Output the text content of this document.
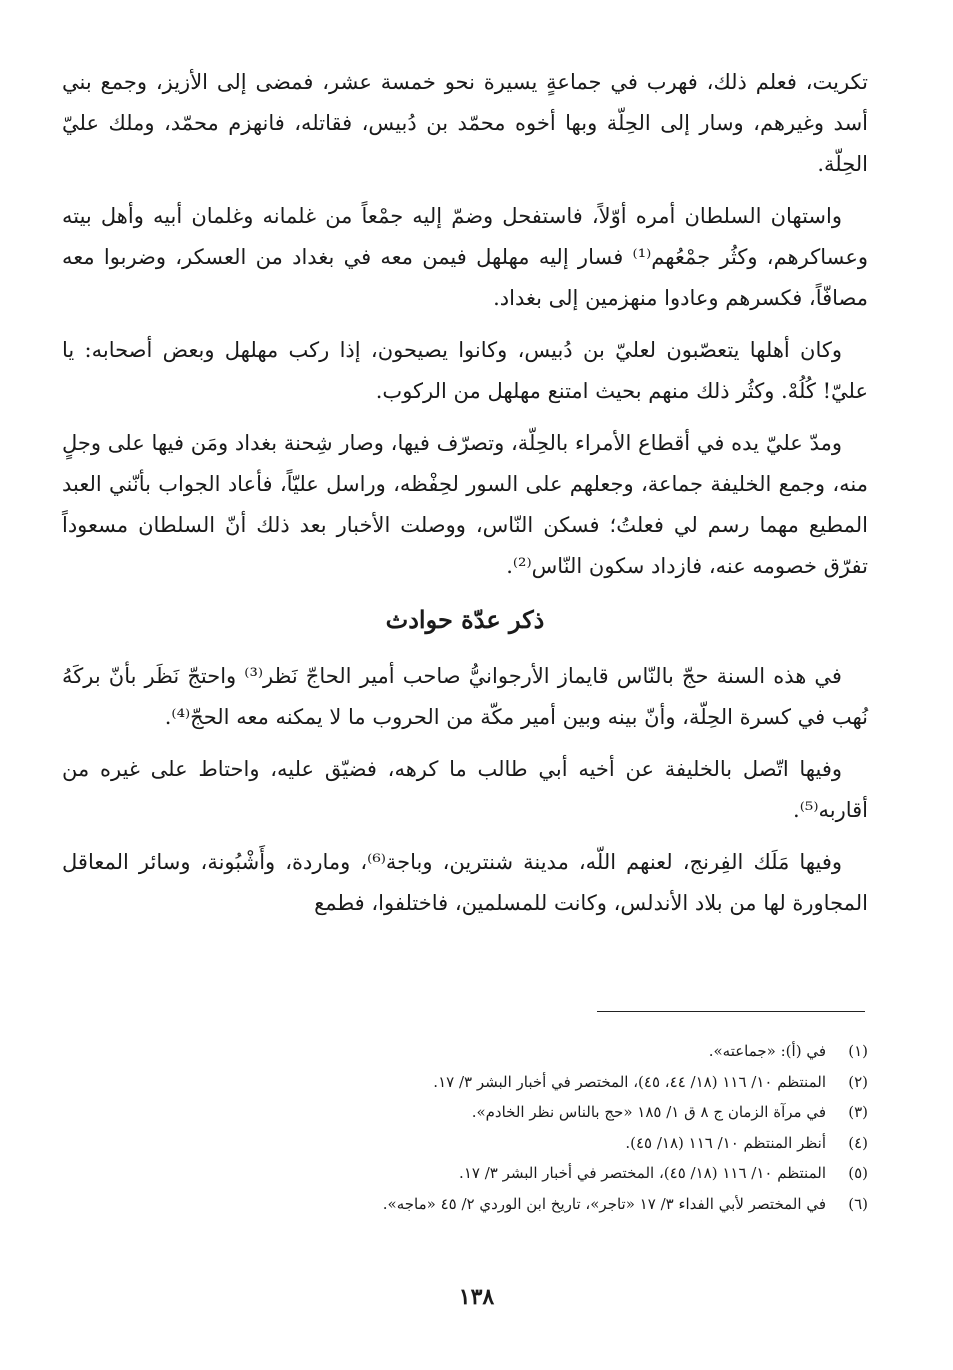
تكريت، فعلم ذلك، فهرب في جماعةٍ يسيرة نحو خمسة عشر، فمضى إلى الأزيز، وجمع بني أسد وغيرهم، وسار إلى الحِلّة وبها أخوه محمّد بن دُبيس، فقاتله، فانهزم محمّد، وملك عليّ الحِلّة.

واستهان السلطان أمره أوّلاً، فاستفحل وضمّ إليه جمْعاً من غلمانه وغلمان أبيه وأهل بيته وعساكرهم، وكثُر جمْعُهم⁽¹⁾ فسار إليه مهلهل فيمن معه في بغداد من العسكر، وضربوا معه مصافّاً، فكسرهم وعادوا منهزمين إلى بغداد.

وكان أهلها يتعصّبون لعليّ بن دُبيس، وكانوا يصيحون، إذا ركب مهلهل وبعض أصحابه: يا عليّ! كُلُهْ. وكثُر ذلك منهم بحيث امتنع مهلهل من الركوب.

ومدّ عليّ يده في أقطاع الأمراء بالحِلّة، وتصرّف فيها، وصار شِحنة بغداد ومَن فيها على وجلٍ منه، وجمع الخليفة جماعة، وجعلهم على السور لحِفْظه، وراسل عليّاً، فأعاد الجواب بأنّني العبد المطيع مهما رسم لي فعلتُ؛ فسكن النّاس، ووصلت الأخبار بعد ذلك أنّ السلطان مسعوداً تفرّق خصومه عنه، فازداد سكون النّاس⁽²⁾.

ذكر عدّة حوادث

في هذه السنة حجّ بالنّاس قايماز الأرجوانيُّ صاحب أمير الحاجّ نَظر⁽³⁾ واحتجّ نَظَر بأنّ بركَهُ نُهب في كسرة الحِلّة، وأنّ بينه وبين أمير مكّة من الحروب ما لا يمكنه معه الحجّ⁽⁴⁾.

وفيها اتّصل بالخليفة عن أخيه أبي طالب ما كرهه، فضيّق عليه، واحتاط على غيره من أقاربه⁽⁵⁾.

وفيها مَلَك الفِرنج، لعنهم اللّه، مدينة شنترين، وباجة⁽⁶⁾، وماردة، وأَشْبُونة، وسائر المعاقل المجاورة لها من بلاد الأندلس، وكانت للمسلمين، فاختلفوا، فطمع

(١)
في (أ): «جماعته».
(٢)
المنتظم ١٠/ ١١٦ (١٨/ ٤٤، ٤٥)، المختصر في أخبار البشر ٣/ ١٧.
(٣)
في مرآة الزمان ج ٨ ق ١/ ١٨٥ «حج بالناس نظر الخادم».
(٤)
أنظر المنتظم ١٠/ ١١٦ (١٨/ ٤٥).
(٥)
المنتظم ١٠/ ١١٦ (١٨/ ٤٥)، المختصر في أخبار البشر ٣/ ١٧.
(٦)
في المختصر لأبي الفداء ٣/ ١٧ «تاجر»، تاريخ ابن الوردي ٢/ ٤٥ «ماجه».
١٣٨
